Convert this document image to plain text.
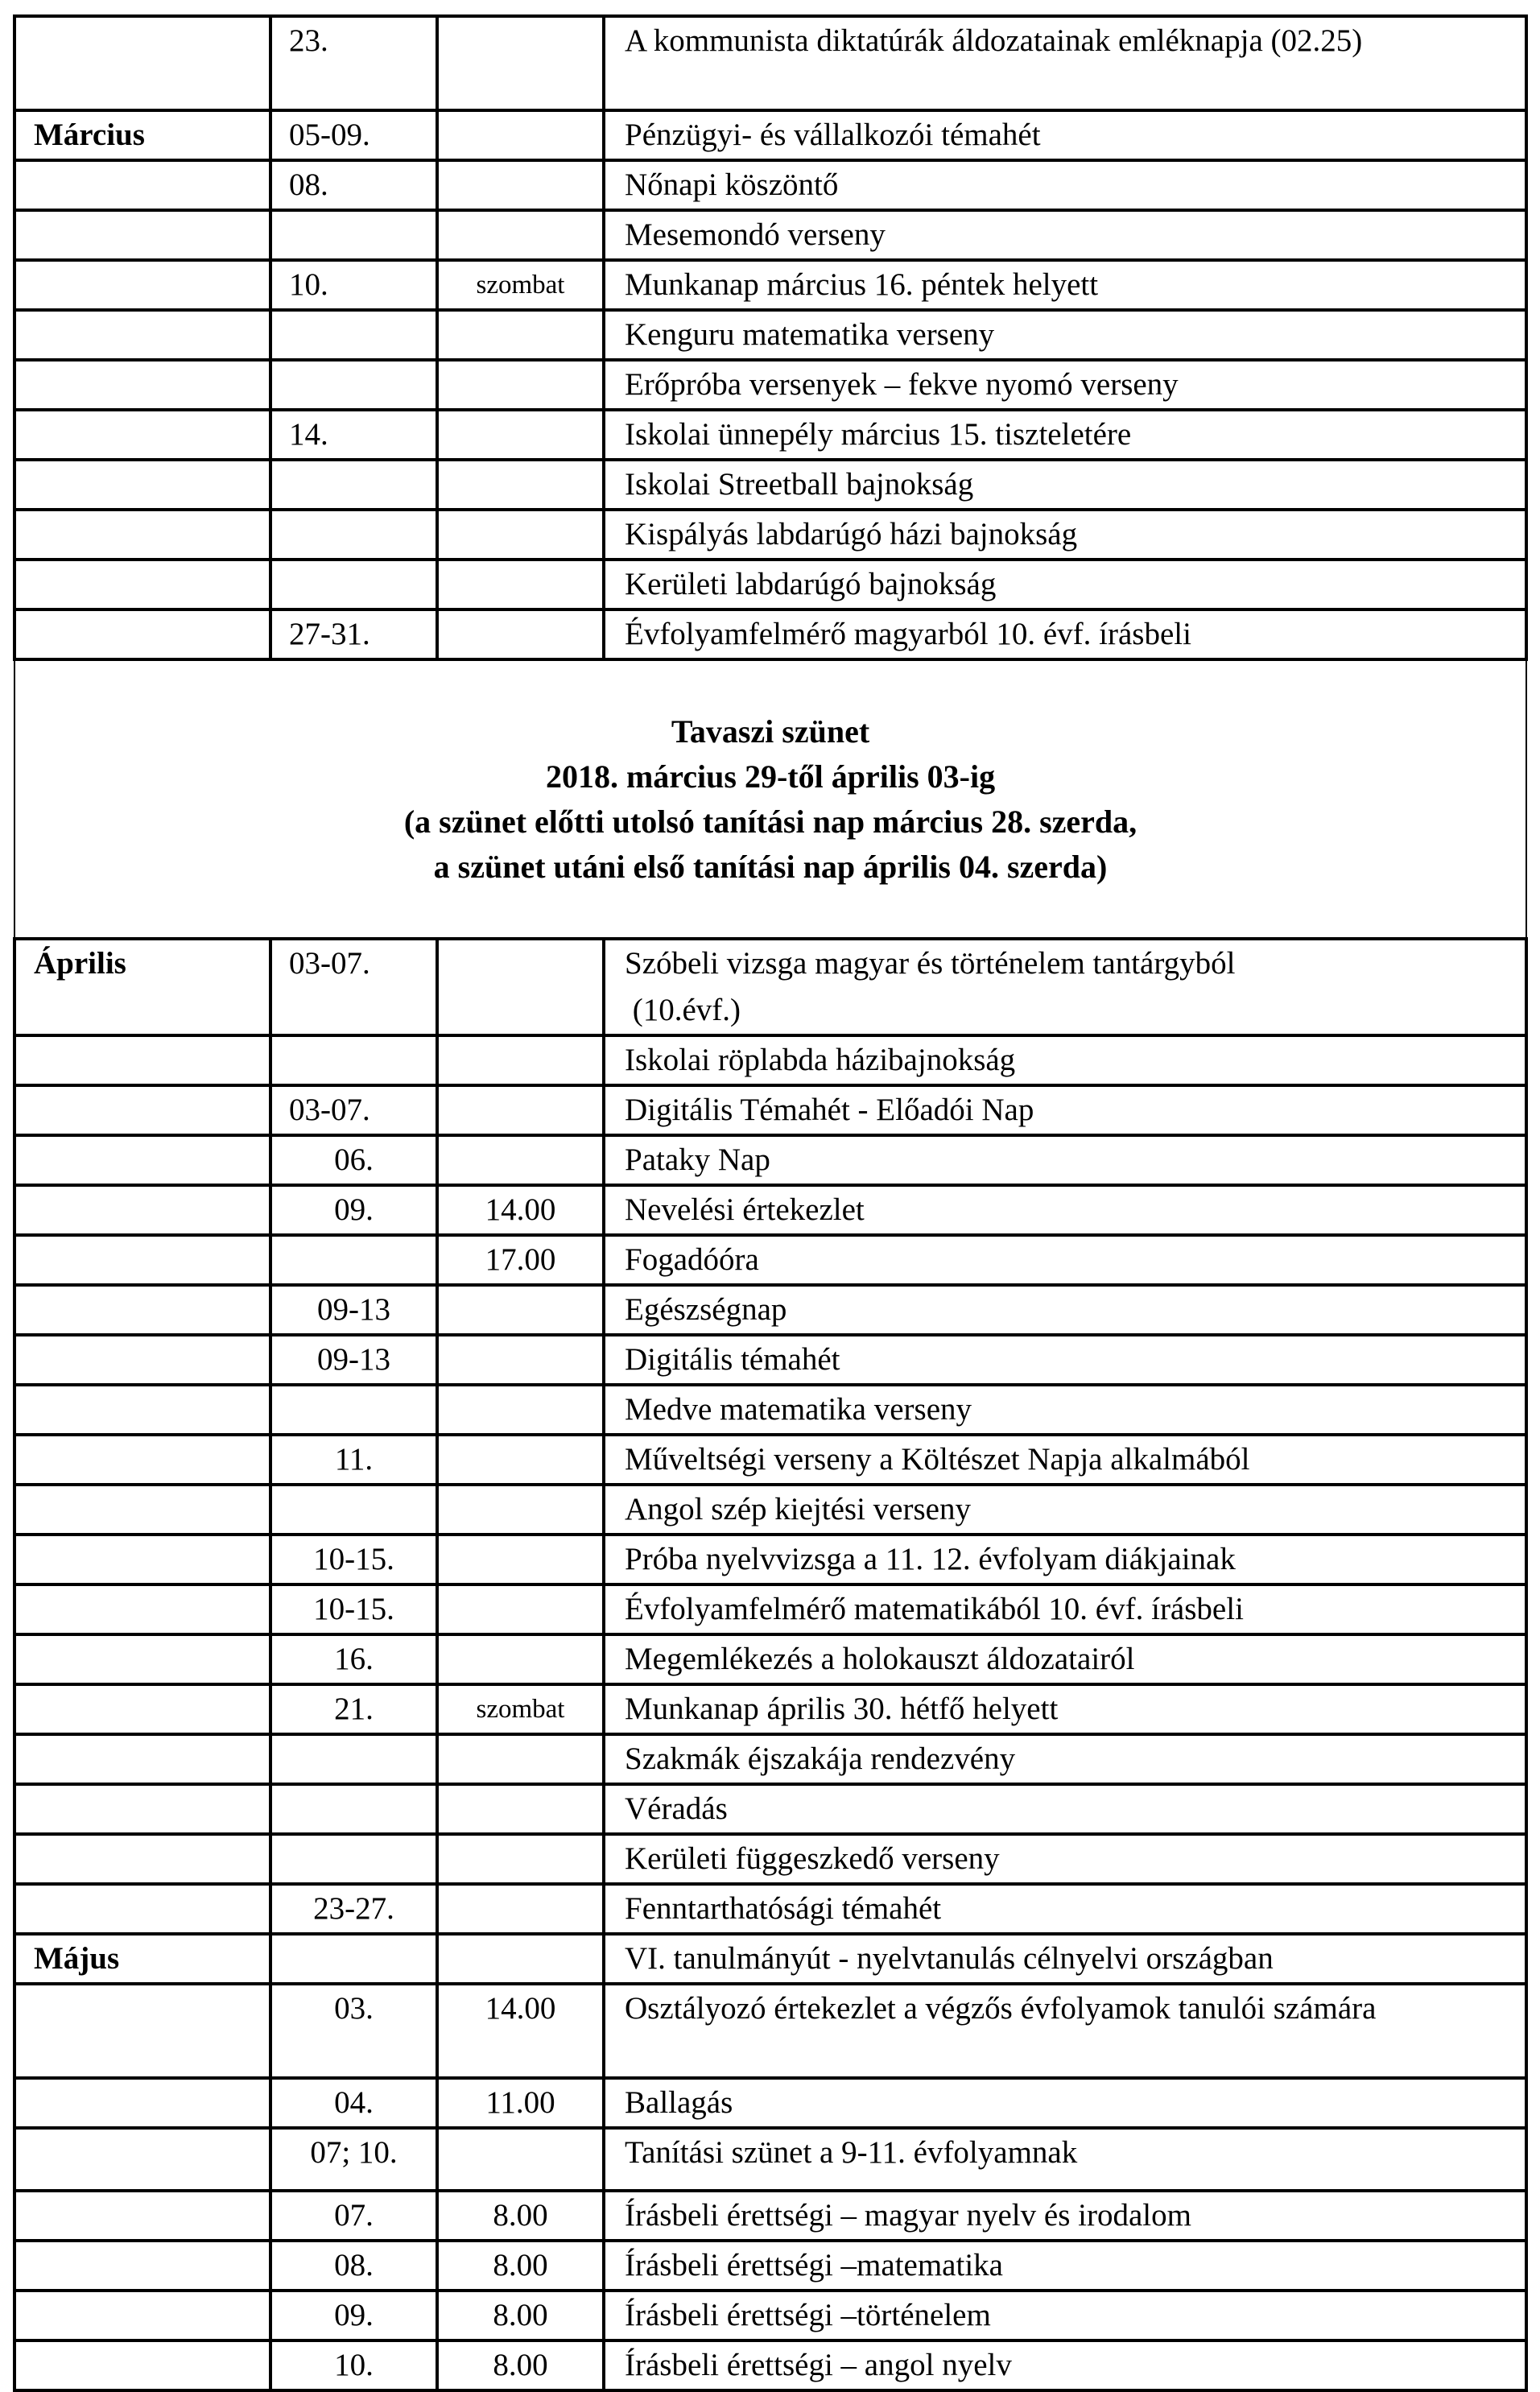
	23.		A kommunista diktatúrák áldozatainak emléknapja (02.25)
Március	05-09.		Pénzügyi- és vállalkozói témahét
	08.		Nőnapi köszöntő
			Mesemondó verseny
	10.	szombat	Munkanap március 16. péntek helyett
			Kenguru matematika verseny
			Erőpróba versenyek – fekve nyomó verseny
	14.		Iskolai ünnepély március 15. tiszteletére
			Iskolai Streetball bajnokság
			Kispályás labdarúgó házi bajnokság
			Kerületi labdarúgó bajnokság
	27-31.		Évfolyamfelmérő magyarból 10. évf. írásbeli

Tavaszi szünet
2018. március 29-től április 03-ig
(a szünet előtti utolsó tanítási nap március 28. szerda,
a szünet utáni első tanítási nap április 04. szerda)			

Április	03-07.		Szóbeli vizsga magyar és történelem tantárgyból
(10.évf.)
			Iskolai röplabda házibajnokság
	03-07.		Digitális Témahét - Előadói Nap
	06.		Pataky Nap
	09.	14.00	Nevelési értekezlet
		17.00	Fogadóóra
	09-13		Egészségnap
	09-13		Digitális témahét
			Medve matematika verseny
	11.		Műveltségi verseny a Költészet Napja alkalmából
			Angol szép kiejtési verseny
	10-15.		Próba nyelvvizsga a 11. 12. évfolyam diákjainak
	10-15.		Évfolyamfelmérő matematikából 10. évf. írásbeli
	16.		Megemlékezés a holokauszt áldozatairól
	21.	szombat	Munkanap április 30. hétfő helyett
			Szakmák éjszakája rendezvény
			Véradás
			Kerületi függeszkedő verseny
	23-27.		Fenntarthatósági témahét
Május			VI. tanulmányút - nyelvtanulás célnyelvi országban
	03.	14.00	Osztályozó értekezlet a végzős évfolyamok tanulói számára
	04.	11.00	Ballagás
	07; 10.		Tanítási szünet a 9-11. évfolyamnak
	07.	8.00	Írásbeli érettségi – magyar nyelv és irodalom
	08.	8.00	Írásbeli érettségi –matematika
	09.	8.00	Írásbeli érettségi –történelem
	10.	8.00	Írásbeli érettségi – angol nyelv
